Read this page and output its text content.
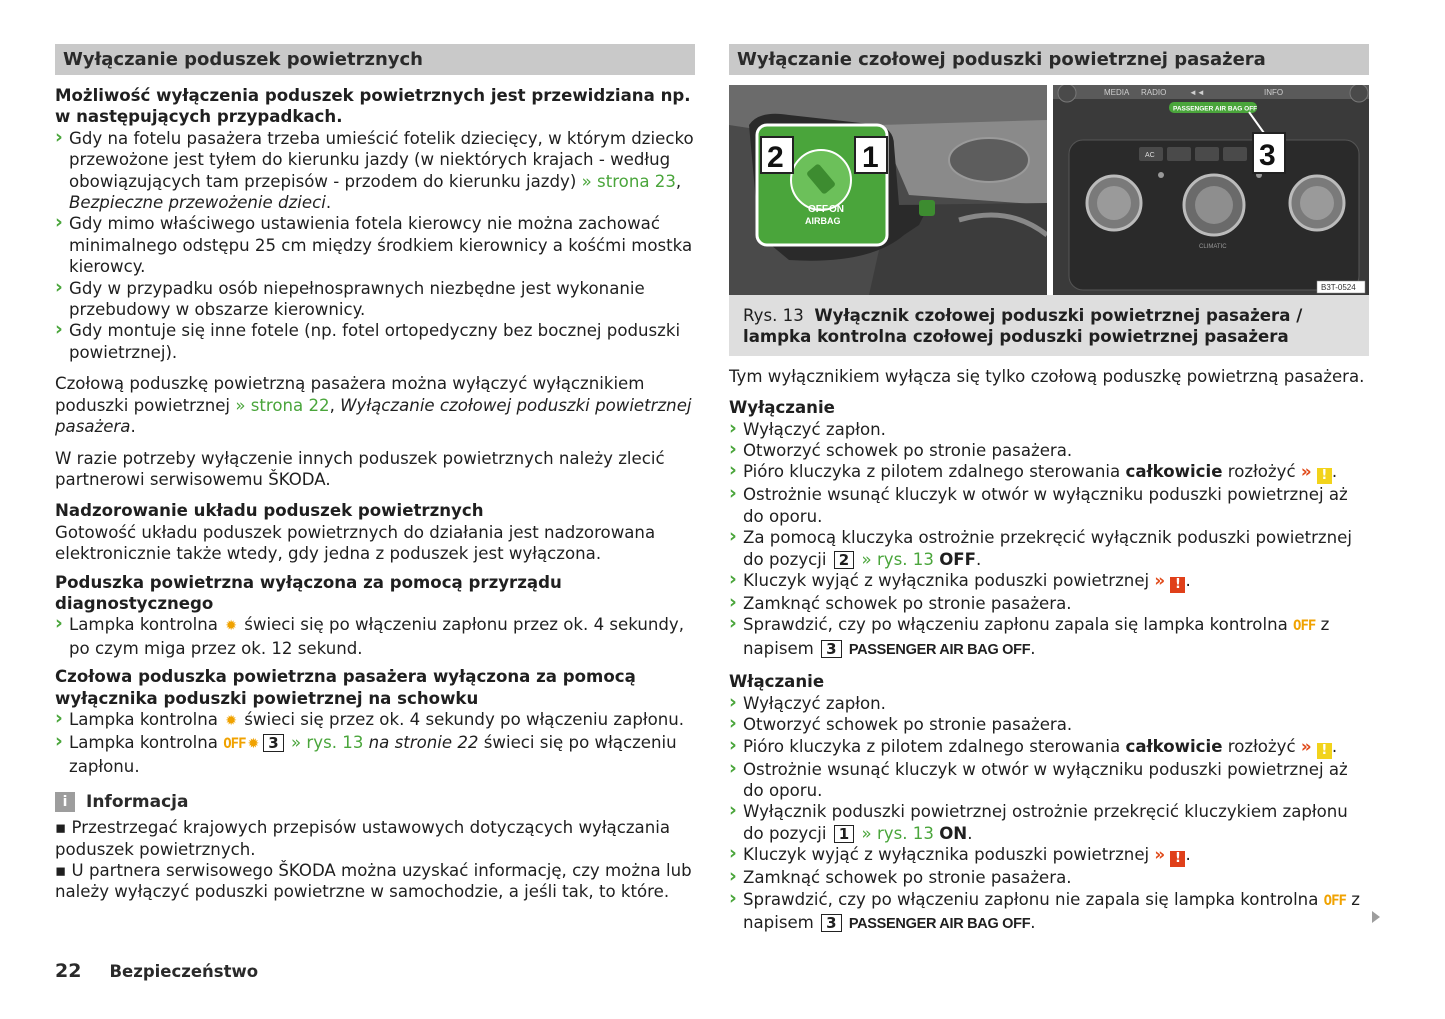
Wyłączanie poduszek powietrznych

Możliwość wyłączenia poduszek powietrznych jest przewidziana np. w następujących przypadkach.

› Gdy na fotelu pasażera trzeba umieścić fotelik dziecięcy, w którym dziecko przewożone jest tyłem do kierunku jazdy (w niektórych krajach - według obowiązujących tam przepisów - przodem do kierunku jazdy) » strona 23, Bezpieczne przewożenie dzieci.
› Gdy mimo właściwego ustawienia fotela kierowcy nie można zachować minimalnego odstępu 25 cm między środkiem kierownicy a kośćmi mostka kierowcy.
› Gdy w przypadku osób niepełnosprawnych niezbędne jest wykonanie przebudowy w obszarze kierownicy.
› Gdy montuje się inne fotele (np. fotel ortopedyczny bez bocznej poduszki powietrznej).

Czołową poduszkę powietrzną pasażera można wyłączyć wyłącznikiem poduszki powietrznej » strona 22, Wyłączanie czołowej poduszki powietrznej pasażera.

W razie potrzeby wyłączenie innych poduszek powietrznych należy zlecić partnerowi serwisowemu ŠKODA.

Nadzorowanie układu poduszek powietrznych

Gotowość układu poduszek powietrznych do działania jest nadzorowana elektronicznie także wtedy, gdy jedna z poduszek jest wyłączona.

Poduszka powietrzna wyłączona za pomocą przyrządu diagnostycznego

› Lampka kontrolna ✹ świeci się po włączeniu zapłonu przez ok. 4 sekundy, po czym miga przez ok. 12 sekund.

Czołowa poduszka powietrzna pasażera wyłączona za pomocą wyłącznika poduszki powietrznej na schowku

› Lampka kontrolna ✹ świeci się przez ok. 4 sekundy po włączeniu zapłonu.
› Lampka kontrolna OFF ✹ 3 » rys. 13 na stronie 22 świeci się po włączeniu zapłonu.
i	Informacja
▪ Przestrzegać krajowych przepisów ustawowych dotyczących wyłączania poduszek powietrznych.
▪ U partnera serwisowego ŠKODA można uzyskać informację, czy można lub należy wyłączyć poduszki powietrzne w samochodzie, a jeśli tak, to które.
Wyłączanie czołowej poduszki powietrznej pasażera
OFF ON
AIRBAG
2	1
MEDIA RADIO	◄◄	INFO
PASSENGER AIR BAG OFF
AC
CLIMATIC
3
B3T-0524
Rys. 13 Wyłącznik czołowej poduszki powietrznej pasażera / lampka kontrolna czołowej poduszki powietrznej pasażera

Tym wyłącznikiem wyłącza się tylko czołową poduszkę powietrzną pasażera.

Wyłączanie

› Wyłączyć zapłon.
› Otworzyć schowek po stronie pasażera.
› Pióro kluczyka z pilotem zdalnego sterowania całkowicie rozłożyć » ! .
› Ostrożnie wsunąć kluczyk w otwór w wyłączniku poduszki powietrznej aż do oporu.
› Za pomocą kluczyka ostrożnie przekręcić wyłącznik poduszki powietrznej do pozycji 2 » rys. 13 OFF.
› Kluczyk wyjąć z wyłącznika poduszki powietrznej » ! .
› Zamknąć schowek po stronie pasażera.
› Sprawdzić, czy po włączeniu zapłonu zapala się lampka kontrolna OFF z napisem 3 PASSENGER AIR BAG OFF.

Włączanie

› Wyłączyć zapłon.
› Otworzyć schowek po stronie pasażera.
› Pióro kluczyka z pilotem zdalnego sterowania całkowicie rozłożyć » ! .
› Ostrożnie wsunąć kluczyk w otwór w wyłączniku poduszki powietrznej aż do oporu.
› Wyłącznik poduszki powietrznej ostrożnie przekręcić kluczykiem zapłonu do pozycji 1 » rys. 13 ON.
› Kluczyk wyjąć z wyłącznika poduszki powietrznej » ! .
› Zamknąć schowek po stronie pasażera.
› Sprawdzić, czy po włączeniu zapłonu nie zapala się lampka kontrolna OFF z napisem 3 PASSENGER AIR BAG OFF.
22 Bezpieczeństwo
